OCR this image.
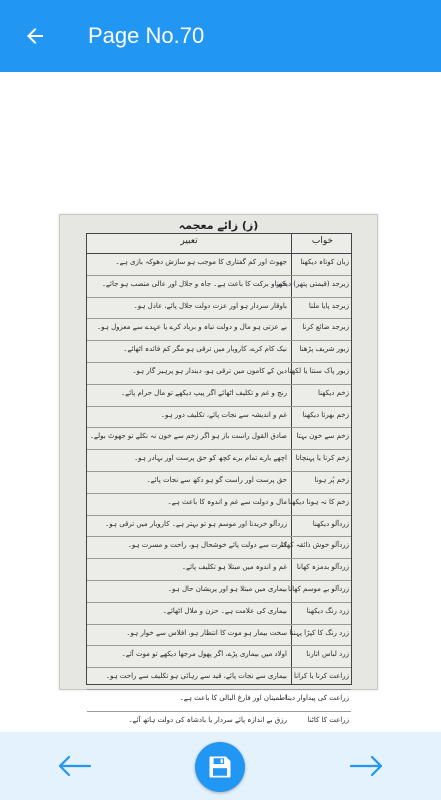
Page No.70
(ز) زائے معجمہ
خواب
تعبیر
زبان کوتاہ دیکھنا
جھوٹ اور کم گفتاری کا موجب ہو سازش دھوکہ بازی ہے۔
زبرجد (قیمتی پتھر) دیکھنا
خیر و برکت کا باعث ہے۔ جاہ و جلال اور عالی منصب ہو جائے۔
زبرجد پایا ملنا
باوقار سردار ہو اور عزت دولت جلال پائے، عادل ہو۔
زبرجد ضائع کرنا
بے عزتی ہو مال و دولت تباہ و برباد کرے یا عہدے سے معزول ہو۔
زبور شریف پڑھنا
نیک کام کرے، کاروبار میں ترقی ہو مگر کم فائدہ اٹھائے۔
زبور پاک سنتا یا لکھنا
دین کے کاموں میں ترقی ہو، دیندار ہو پرہیز گار ہو۔
زخم دیکھنا
رنج و غم و تکلیف اٹھائے اگر پیپ دیکھے تو مال حرام پائے۔
زخم بھرتا دیکھنا
غم و اندیشہ سے نجات پائے، تکلیف دور ہو۔
زخم سے خون بہتا
صادق القول راست باز ہو اگر زخم سے خون نہ نکلے تو جھوٹ بولے۔
زخم کرنا یا پہنچانا
اچھے بارے تمام برے کچھ کو حق پرست اور بہادر ہو۔
زخم پُر ہونا
حق پرست اور راست گو ہو دکھ سے نجات پائے۔
زخم کا نہ ہونا دیکھنا
مال و دولت سے غم و اندوہ کا باعث ہے۔
زردآلو دیکھنا
زردآلو خریدنا اور موسم ہو تو بہتر ہے۔ کاروبار میں ترقی ہو۔
زردآلو خوش ذائقہ کھانا
کثرت سے دولت پائے خوشحال ہو، راحت و مسرت ہو۔
زردآلو بدمزہ کھانا
غم و اندوہ میں مبتلا ہو تکلیف پائے۔
زردآلو بے موسم کھانا
بیماری میں مبتلا ہو اور پریشان حال ہو۔
زرد رنگ دیکھنا
بیماری کی علامت ہے۔ حزن و ملال اٹھائے۔
زرد رنگ کا کپڑا پہننا
سخت بیمار ہو موت کا انتظار ہو، افلاس سے خوار ہو۔
زرد لباس اتارنا
اولاد میں بیماری پڑے، اگر پھول مرجھا دیکھے تو موت آئے۔
زراعت کرنا یا کرانا
بیماری سے نجات پائے، قید سے رہائی ہو تکلیف سے راحت ہو۔
زراعت کی پیداوار دینا
اطمینان اور فارغ البالی کا باعث ہے۔
زراعت کا کاٹنا
رزق بے اندازہ پائے سردار یا بادشاہ کی دولت ہاتھ آئے۔
